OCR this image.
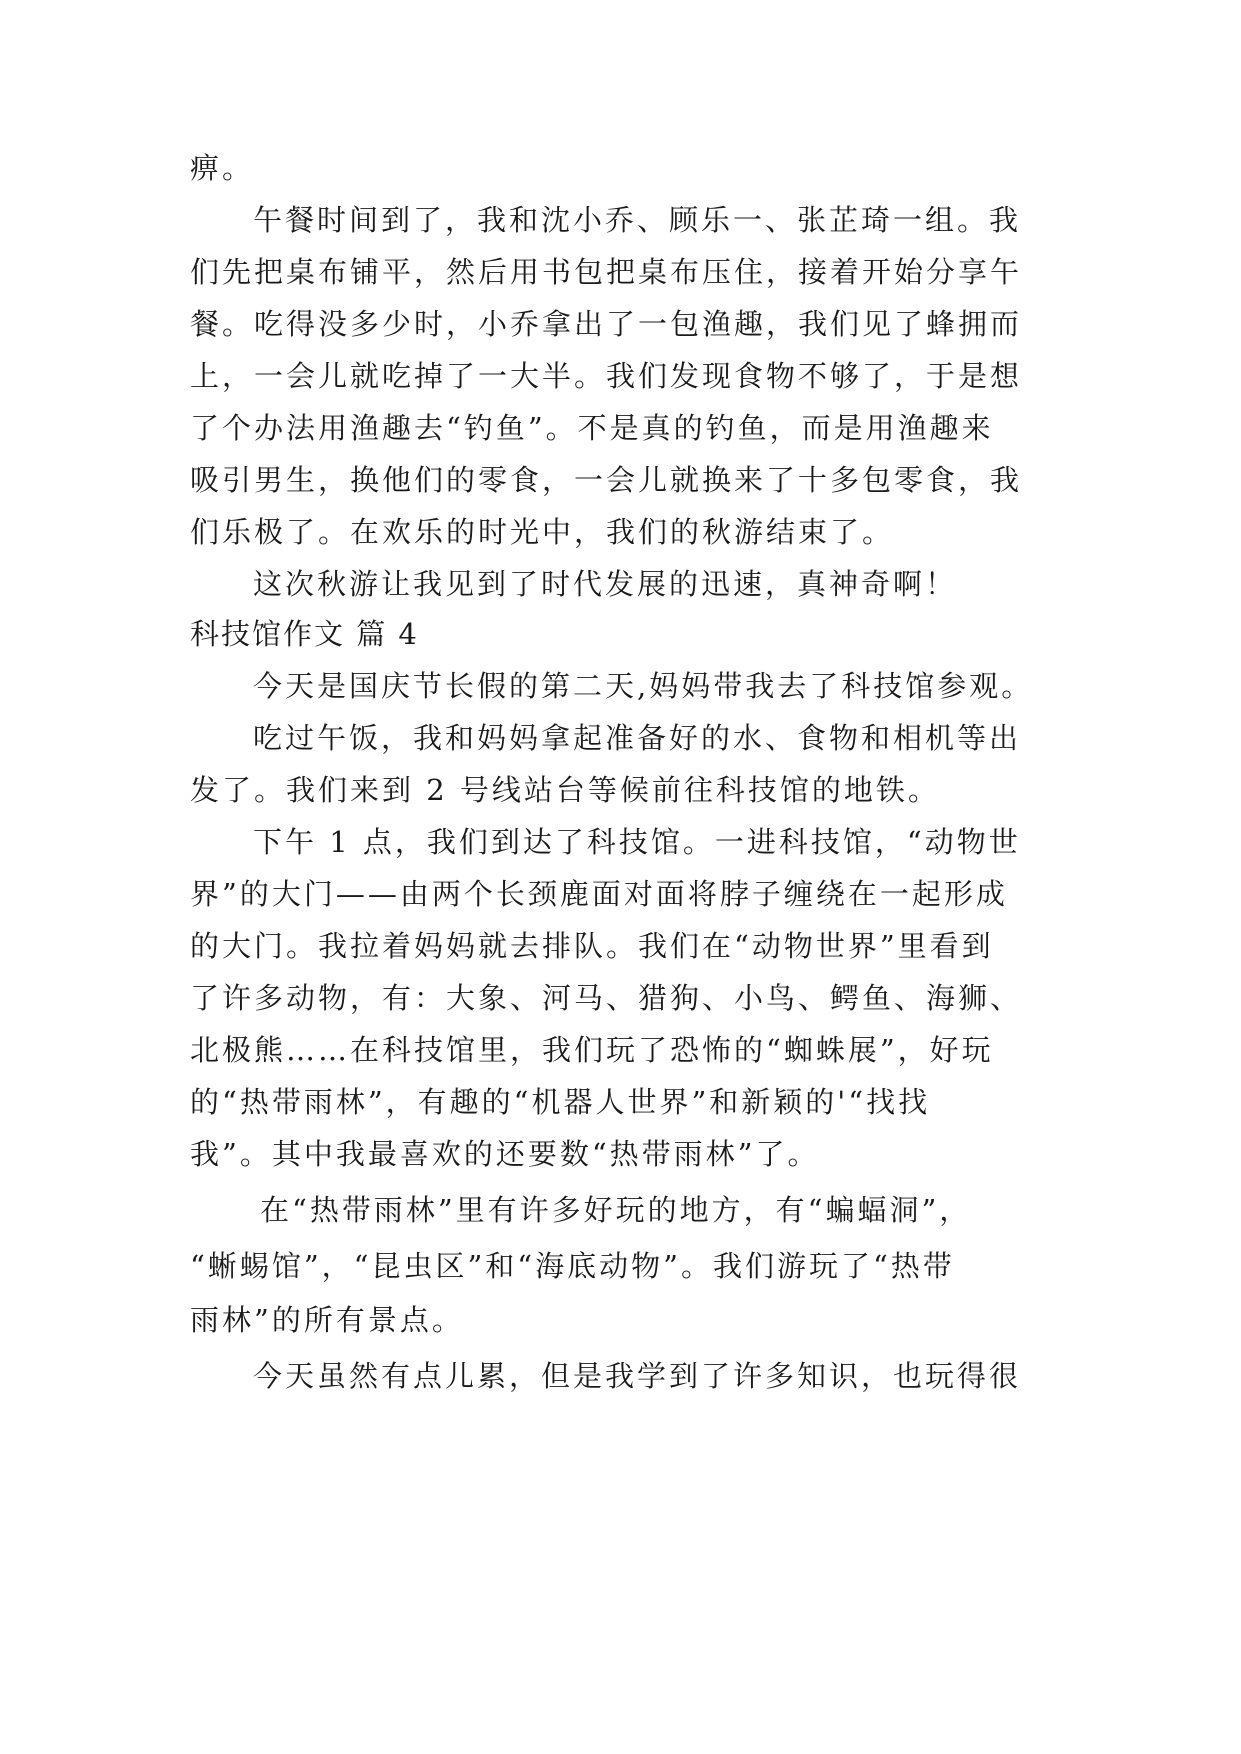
痹。
午餐时间到了，我和沈小乔、顾乐一、张芷琦一组。我
们先把桌布铺平，然后用书包把桌布压住，接着开始分享午
餐。吃得没多少时，小乔拿出了一包渔趣，我们见了蜂拥而
上，一会儿就吃掉了一大半。我们发现食物不够了，于是想
了个办法用渔趣去“钓鱼”。不是真的钓鱼，而是用渔趣来
吸引男生，换他们的零食，一会儿就换来了十多包零食，我
们乐极了。在欢乐的时光中，我们的秋游结束了。
这次秋游让我见到了时代发展的迅速，真神奇啊！
科技馆作文 篇 4
今天是国庆节长假的第二天,妈妈带我去了科技馆参观。
吃过午饭，我和妈妈拿起准备好的水、食物和相机等出
发了。我们来到 2 号线站台等候前往科技馆的地铁。
下午 1 点，我们到达了科技馆。一进科技馆，“动物世
界”的大门——由两个长颈鹿面对面将脖子缠绕在一起形成
的大门。我拉着妈妈就去排队。我们在“动物世界”里看到
了许多动物，有：大象、河马、猎狗、小鸟、鳄鱼、海狮、
北极熊……在科技馆里，我们玩了恐怖的“蜘蛛展”，好玩
的“热带雨林”，有趣的“机器人世界”和新颖的'“找找
我”。其中我最喜欢的还要数“热带雨林”了。
在“热带雨林”里有许多好玩的地方，有“蝙蝠洞”，
“蜥蜴馆”，“昆虫区”和“海底动物”。我们游玩了“热带
雨林”的所有景点。
今天虽然有点儿累，但是我学到了许多知识，也玩得很
